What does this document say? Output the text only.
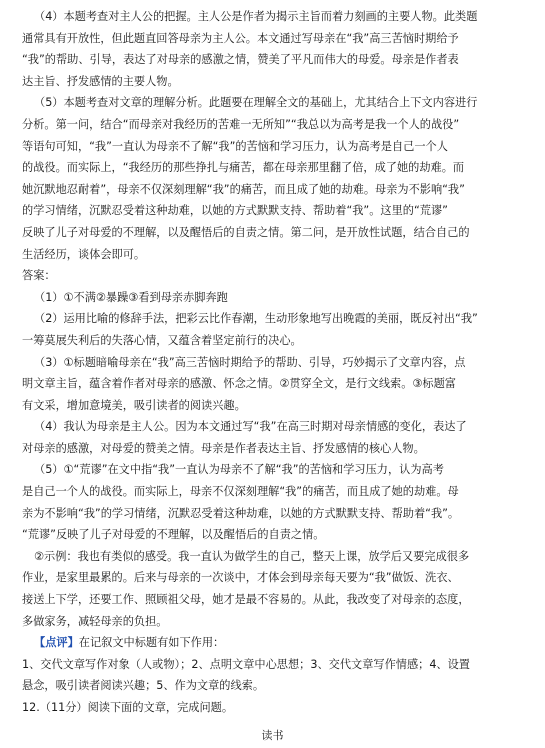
（4）本题考查对主人公的把握。主人公是作者为揭示主旨而着力刻画的主要人物。此类题
通常具有开放性，但此题直回答母亲为主人公。本文通过写母亲在“我”高三苦恼时期给予
“我”的帮助、引导，表达了对母亲的感激之情，赞美了平凡而伟大的母爱。母亲是作者表
达主旨、抒发感情的主要人物。
（5）本题考查对文章的理解分析。此题要在理解全文的基础上，尤其结合上下文内容进行
分析。第一问，结合“而母亲对我经历的苦难一无所知”“我总以为高考是我一个人的战役”
等语句可知，“我”一直认为母亲不了解“我”的苦恼和学习压力，认为高考是自己一个人
的战役。而实际上，“我经历的那些挣扎与痛苦，都在母亲那里翻了倍，成了她的劫难。而
她沉默地忍耐着”，母亲不仅深刻理解“我”的痛苦，而且成了她的劫难。母亲为不影响“我”
的学习情绪，沉默忍受着这种劫难，以她的方式默默支持、帮助着“我”。这里的“荒谬”
反映了儿子对母爱的不理解，以及醒悟后的自责之情。第二问，是开放性试题，结合自己的
生活经历，谈体会即可。
答案：
（1）①不满②暴躁③看到母亲赤脚奔跑
（2）运用比喻的修辞手法，把彩云比作春潮，生动形象地写出晚霞的美丽，既反衬出“我”
一筹莫展失利后的失落心情，又蕴含着坚定前行的决心。
（3）①标题暗喻母亲在“我”高三苦恼时期给予的帮助、引导，巧妙揭示了文章内容，点
明文章主旨，蕴含着作者对母亲的感激、怀念之情。②贯穿全文，是行文线索。③标题富
有文采，增加意境美，吸引读者的阅读兴趣。
（4）我认为母亲是主人公。因为本文通过写“我”在高三时期对母亲情感的变化，表达了
对母亲的感激，对母爱的赞美之情。母亲是作者表达主旨、抒发感情的核心人物。
（5）①“荒谬”在文中指“我”一直认为母亲不了解“我”的苦恼和学习压力，认为高考
是自己一个人的战役。而实际上，母亲不仅深刻理解“我”的痛苦，而且成了她的劫难。母
亲为不影响“我”的学习情绪，沉默忍受着这种劫难，以她的方式默默支持、帮助着“我”。
“荒谬”反映了儿子对母爱的不理解，以及醒悟后的自责之情。
②示例：我也有类似的感受。我一直认为做学生的自己，整天上课，放学后又要完成很多
作业，是家里最累的。后来与母亲的一次谈中，才体会到母亲每天要为“我”做饭、洗衣、
接送上下学，还要工作、照顾祖父母，她才是最不容易的。从此，我改变了对母亲的态度，
多做家务，减轻母亲的负担。
【点评】在记叙文中标题有如下作用：
1、交代文章写作对象（人或物）；2、点明文章中心思想；3、交代文章写作情感；4、设置
悬念，吸引读者阅读兴趣；5、作为文章的线索。
12.（11分）阅读下面的文章，完成问题。
读书
